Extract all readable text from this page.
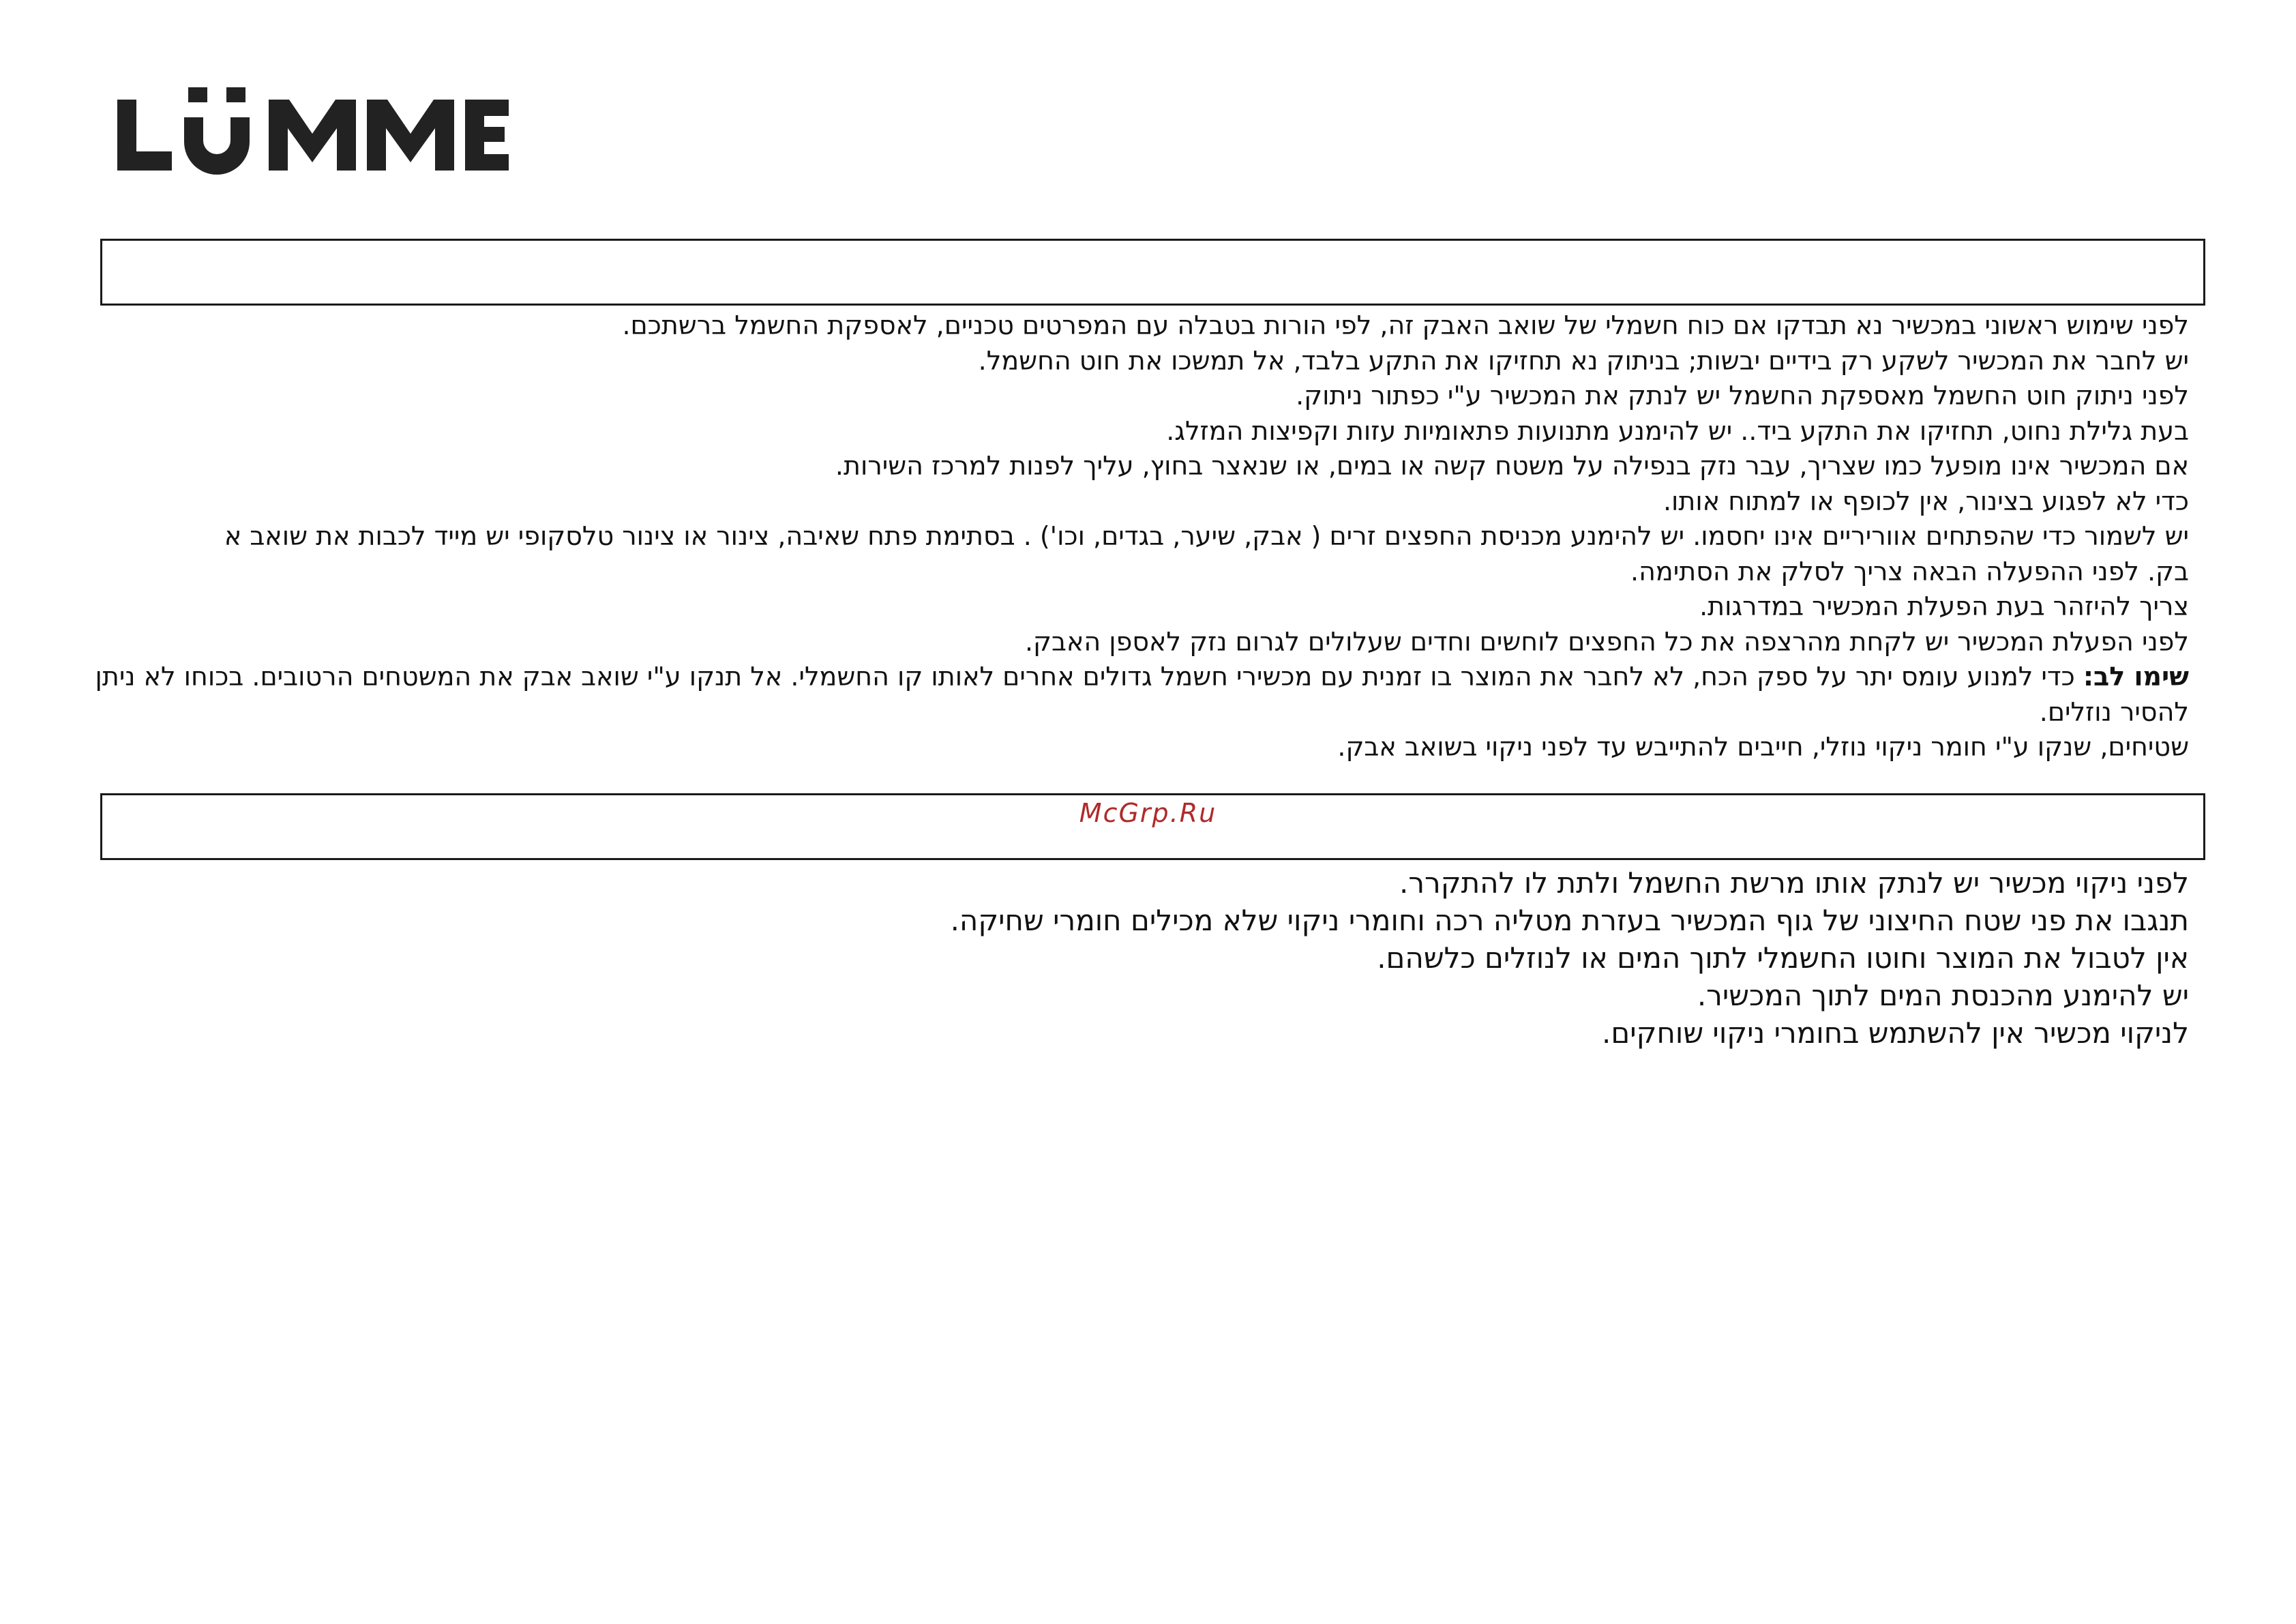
לפני שימוש ראשוני במכשיר נא תבדקו אם כוח חשמלי של שואב האבק זה, לפי הורות בטבלה עם המפרטים טכניים, לאספקת החשמל ברשתכם.
יש לחבר את המכשיר לשקע רק בידיים יבשות; בניתוק נא תחזיקו את התקע בלבד, אל תמשכו את חוט החשמל.
לפני ניתוק חוט החשמל מאספקת החשמל יש לנתק את המכשיר ע"י כפתור ניתוק.
בעת גלילת נחוט, תחזיקו את התקע ביד.. יש להימנע מתנועות פתאומיות עזות וקפיצות המזלג.
אם המכשיר אינו מופעל כמו שצריך, עבר נזק בנפילה על משטח קשה או במים, או שנאצר בחוץ, עליך לפנות למרכז השירות.
כדי לא לפגוע בצינור, אין לכופף או למתוח אותו.
יש לשמור כדי שהפתחים אווריריים אינו יחסמו. יש להימנע מכניסת החפצים זרים ( אבק, שיער, בגדים, וכו') . בסתימת פתח שאיבה, צינור או צינור טלסקופי יש מייד לכבות את שואב א
בק. לפני ההפעלה הבאה צריך לסלק את הסתימה.
צריך להיזהר בעת הפעלת המכשיר במדרגות.
לפני הפעלת המכשיר יש לקחת מהרצפה את כל החפצים לוחשים וחדים שעלולים לגרום נזק לאספן האבק.
שימו לב: כדי למנוע עומס יתר על ספק הכח, לא לחבר את המוצר בו זמנית עם מכשירי חשמל גדולים אחרים לאותו קו החשמלי. אל תנקו ע"י שואב אבק את המשטחים הרטובים. בכוחו לא ניתן
להסיר נוזלים.
שטיחים, שנקו ע"י חומר ניקוי נוזלי, חייבים להתייבש עד לפני ניקוי בשואב אבק.
McGrp.Ru
לפני ניקוי מכשיר יש לנתק אותו מרשת החשמל ולתת לו להתקרר.
תנגבו את פני שטח החיצוני של גוף המכשיר בעזרת מטליה רכה וחומרי ניקוי שלא מכילים חומרי שחיקה.
אין לטבול את המוצר וחוטו החשמלי לתוך המים או לנוזלים כלשהם.
יש להימנע מהכנסת המים לתוך המכשיר.
לניקוי מכשיר אין להשתמש בחומרי ניקוי שוחקים.
